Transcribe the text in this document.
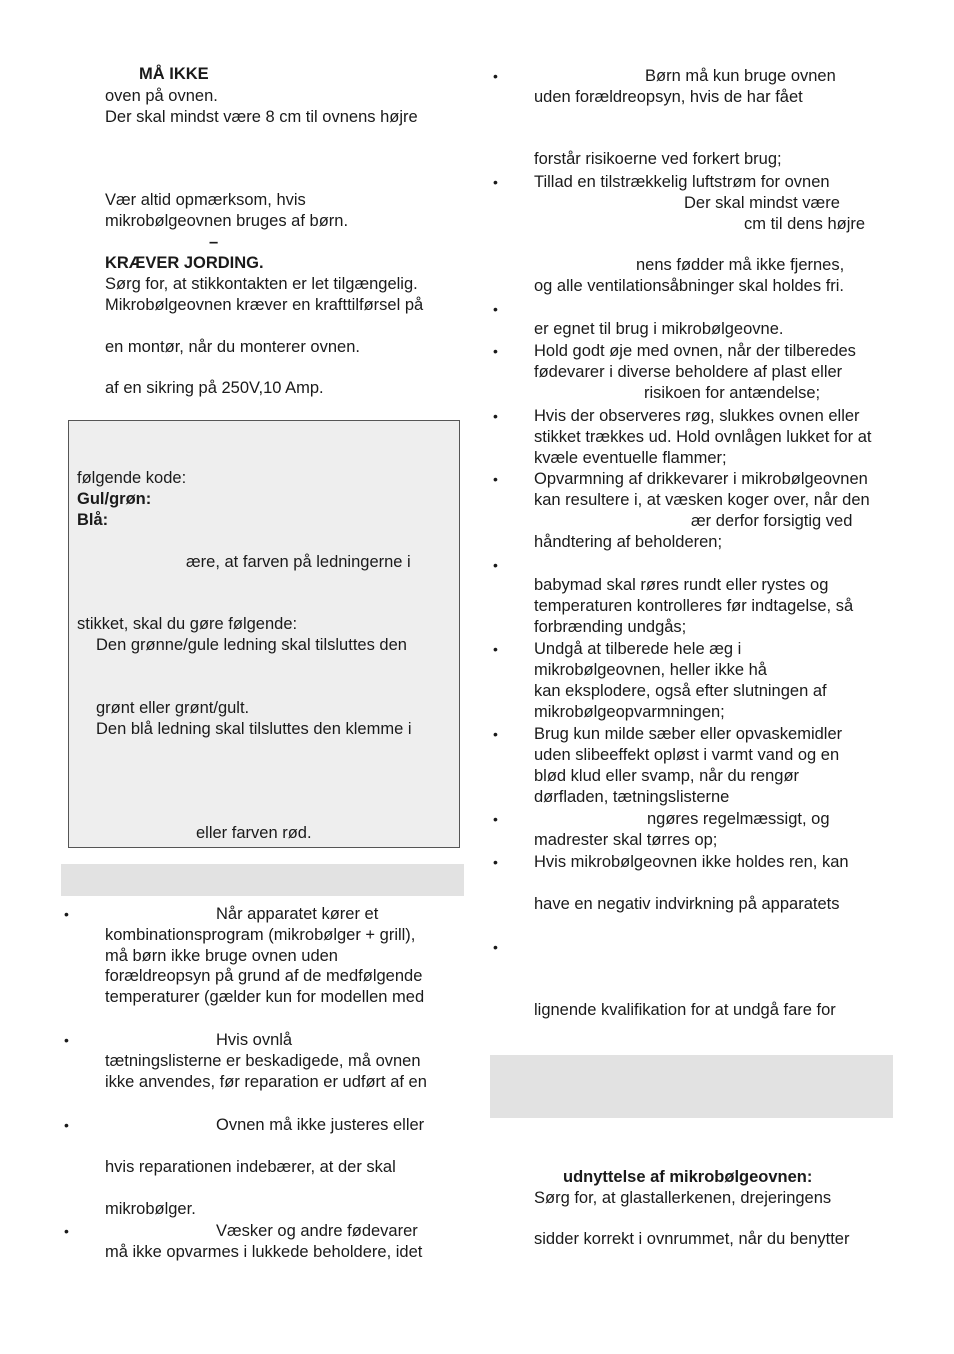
MÅ IKKE
oven på ovnen.
Der skal mindst være 8 cm til ovnens højre
Vær altid opmærksom, hvis
mikrobølgeovnen bruges af børn.
–
KRÆVER JORDING.
Sørg for, at stikkontakten er let tilgængelig.
Mikrobølgeovnen kræver en krafttilførsel på
en montør, når du monterer ovnen.
af en sikring på 250V,10 Amp.
følgende kode:
Gul/grøn:
Blå:
ære, at farven på ledningerne i
stikket, skal du gøre følgende:
Den grønne/gule ledning skal tilsluttes den
grønt eller grønt/gult.
Den blå ledning skal tilsluttes den klemme i
eller farven rød.
•	Når apparatet kører et
kombinationsprogram (mikrobølger + grill),
må børn ikke bruge ovnen uden
forældreopsyn på grund af de medfølgende
temperaturer (gælder kun for modellen med
•	Hvis ovnlå
tætningslisterne er beskadigede, må ovnen
ikke anvendes, før reparation er udført af en
•	Ovnen må ikke justeres eller
hvis reparationen indebærer, at der skal
mikrobølger.
•	Væsker og andre fødevarer
må ikke opvarmes i lukkede beholdere, idet
•	Børn må kun bruge ovnen
uden forældreopsyn, hvis de har fået
forstår risikoerne ved forkert brug;
•	Tillad en tilstrækkelig luftstrøm for ovnen
Der skal mindst være
cm til dens højre
nens fødder må ikke fjernes,
og alle ventilationsåbninger skal holdes fri.
•
er egnet til brug i mikrobølgeovne.
•	Hold godt øje med ovnen, når der tilberedes
fødevarer i diverse beholdere af plast eller
risikoen for antændelse;
•	Hvis der observeres røg, slukkes ovnen eller
stikket trækkes ud. Hold ovnlågen lukket for at
kvæle eventuelle flammer;
•	Opvarmning af drikkevarer i mikrobølgeovnen
kan resultere i, at væsken koger over, når den
ær derfor forsigtig ved
håndtering af beholderen;
•
babymad skal røres rundt eller rystes og
temperaturen kontrolleres før indtagelse, så
forbrænding undgås;
•	Undgå at tilberede hele æg i
mikrobølgeovnen, heller ikke hå
kan eksplodere, også efter slutningen af
mikrobølgeopvarmningen;
•	Brug kun milde sæber eller opvaskemidler
uden slibeeffekt opløst i varmt vand og en
blød klud eller svamp, når du rengør
dørfladen, tætningslisterne
•	ngøres regelmæssigt, og
madrester skal tørres op;
•	Hvis mikrobølgeovnen ikke holdes ren, kan
have en negativ indvirkning på apparatets
•
lignende kvalifikation for at undgå fare for
udnyttelse af mikrobølgeovnen:
Sørg for, at glastallerkenen, drejeringens
sidder korrekt i ovnrummet, når du benytter
